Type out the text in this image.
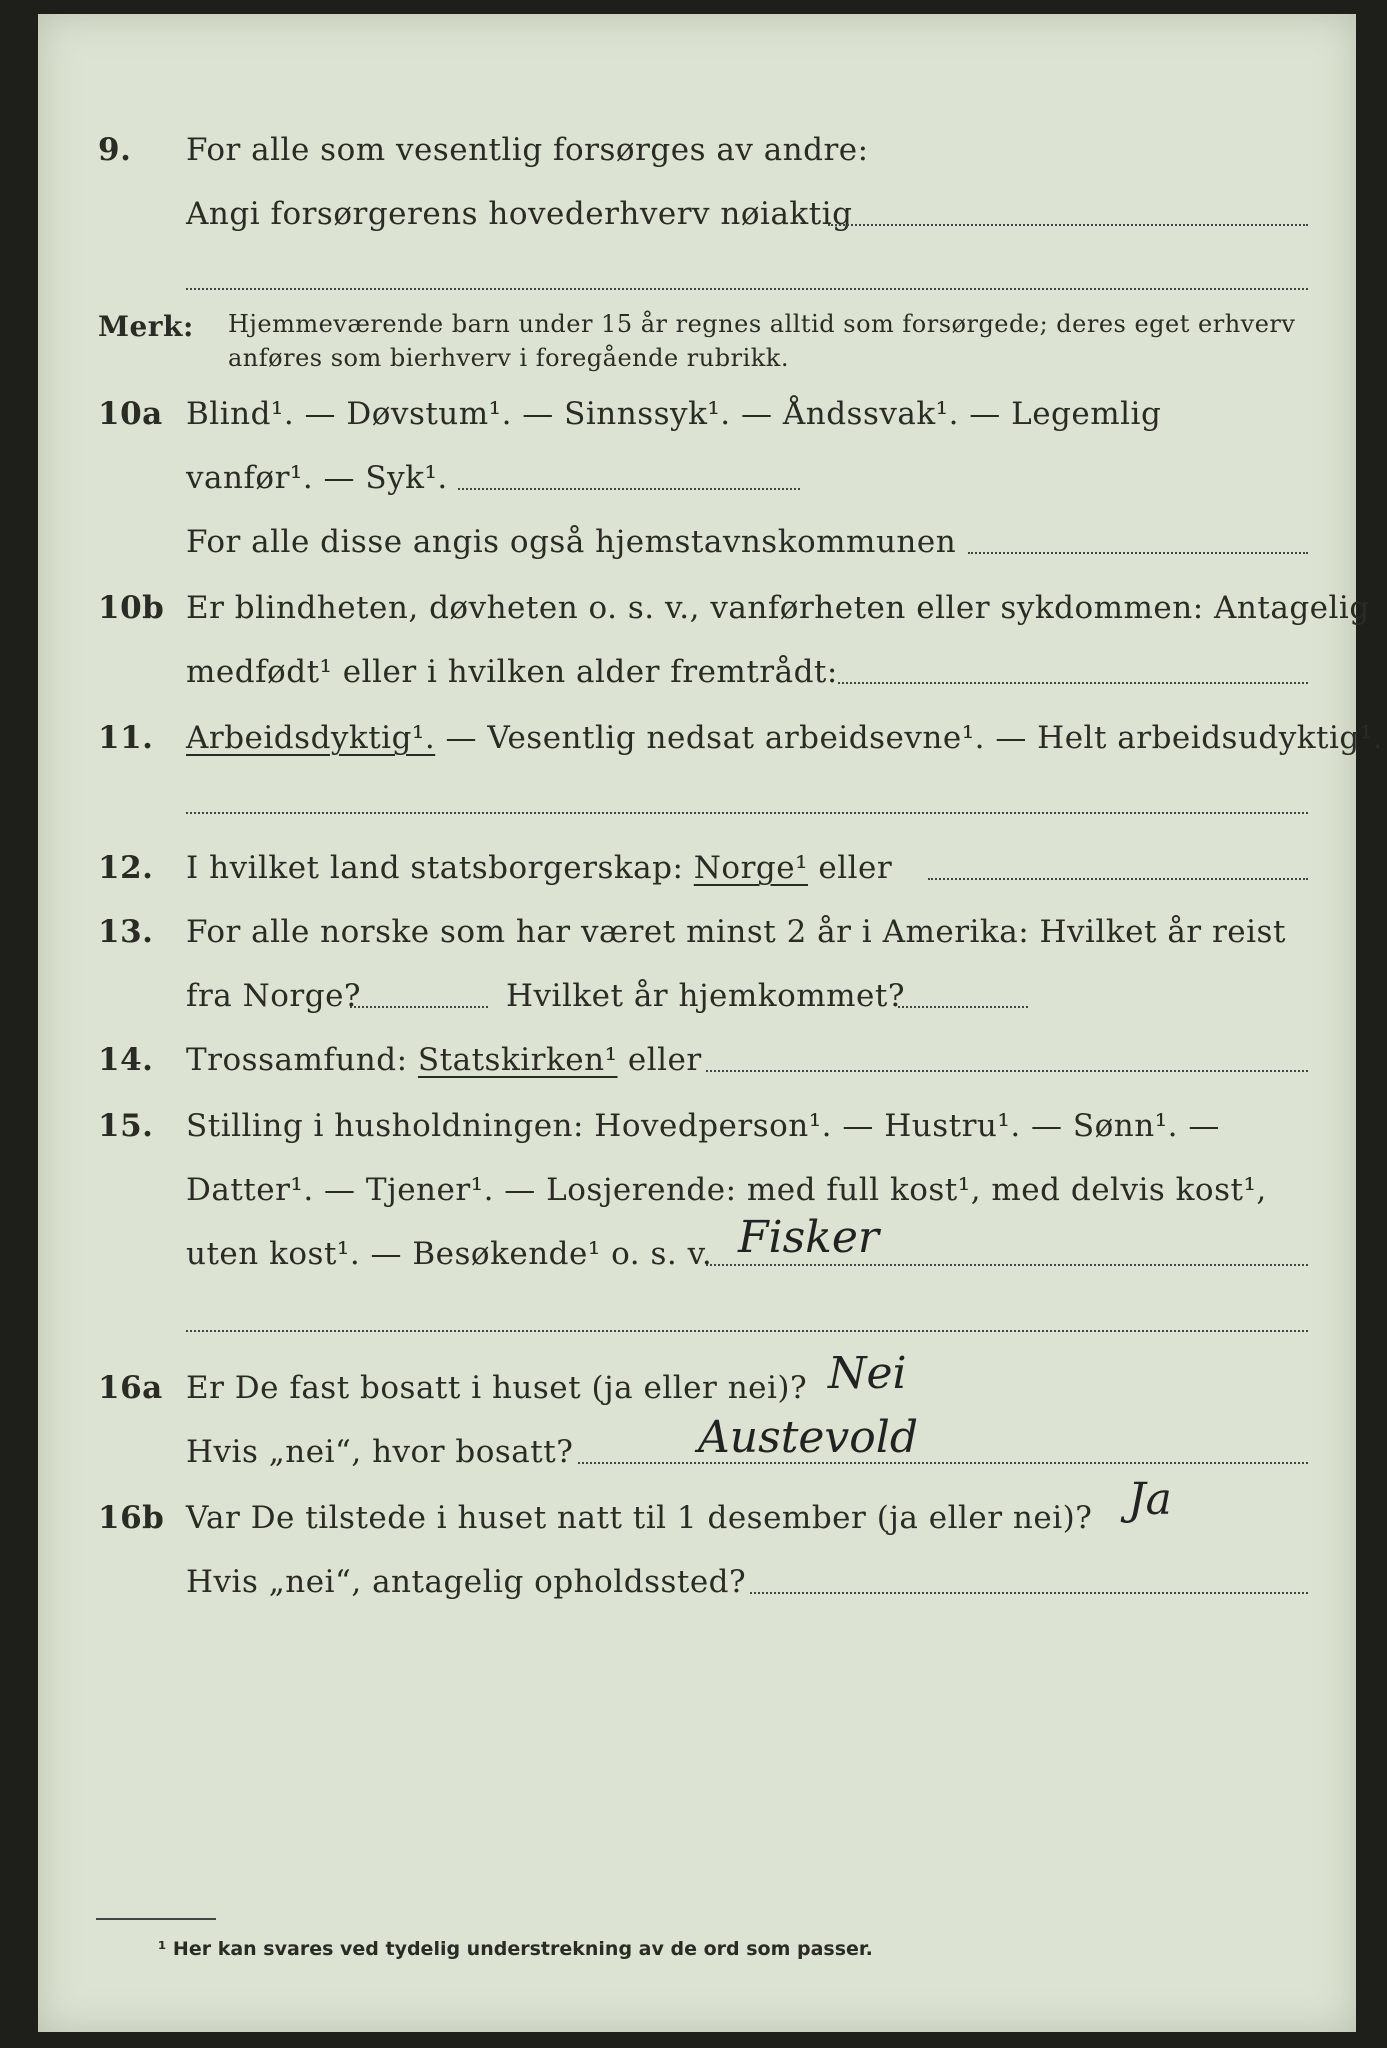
9. For alle som vesentlig forsørges av andre:
Angi forsørgerens hovederhverv nøiaktig
Merk: Hjemmeværende barn under 15 år regnes alltid som forsørgede; deres eget erhverv
anføres som bierhverv i foregående rubrikk.
10a Blind¹. — Døvstum¹. — Sinnssyk¹. — Åndssvak¹. — Legemlig
vanfør¹. — Syk¹.
For alle disse angis også hjemstavnskommunen
10b Er blindheten, døvheten o. s. v., vanførheten eller sykdommen: Antagelig
medfødt¹ eller i hvilken alder fremtrådt:
11. Arbeidsdyktig¹. — Vesentlig nedsat arbeidsevne¹. — Helt arbeidsudyktig¹.
12. I hvilket land statsborgerskap: Norge¹ eller
13. For alle norske som har været minst 2 år i Amerika: Hvilket år reist
fra Norge?	Hvilket år hjemkommet?
14. Trossamfund: Statskirken¹ eller
15. Stilling i husholdningen: Hovedperson¹. — Hustru¹. — Sønn¹. —
Datter¹. — Tjener¹. — Losjerende: med full kost¹, med delvis kost¹,
uten kost¹. — Besøkende¹ o. s. v. Fisker
16a Er De fast bosatt i huset (ja eller nei)? Nei
Hvis „nei“, hvor bosatt?	Austevold
16b Var De tilstede i huset natt til 1 desember (ja eller nei)? Ja
Hvis „nei“, antagelig opholdssted?
¹ Her kan svares ved tydelig understrekning av de ord som passer.
